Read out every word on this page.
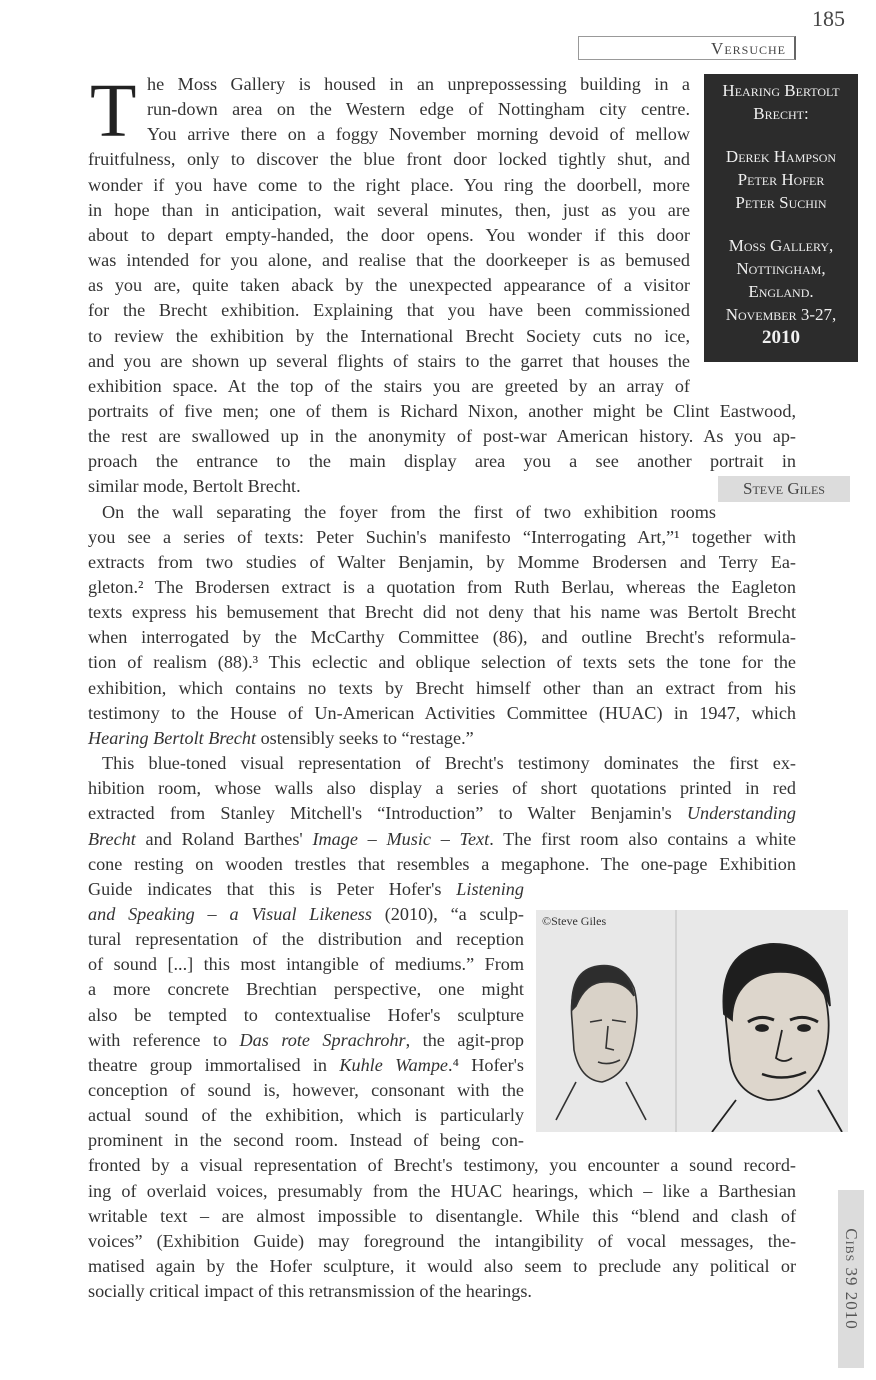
185
Versuche
Hearing Bertolt Brecht:
Derek Hampson
Peter Hofer
Peter Suchin
Moss Gallery,
Nottingham,
England.
November 3-27,
2010
Steve Giles
Cibs 39 2010
T he Moss Gallery is housed in an unprepossessing building in a
run-down area on the Western edge of Nottingham city centre.
You arrive there on a foggy November morning devoid of mellow
fruitfulness, only to discover the blue front door locked tightly shut, and
wonder if you have come to the right place. You ring the doorbell, more
in hope than in anticipation, wait several minutes, then, just as you are
about to depart empty-handed, the door opens. You wonder if this door
was intended for you alone, and realise that the doorkeeper is as bemused
as you are, quite taken aback by the unexpected appearance of a visitor
for the Brecht exhibition. Explaining that you have been commissioned
to review the exhibition by the International Brecht Society cuts no ice,
and you are shown up several flights of stairs to the garret that houses the
exhibition space. At the top of the stairs you are greeted by an array of
portraits of five men; one of them is Richard Nixon, another might be Clint Eastwood,
the rest are swallowed up in the anonymity of post-war American history. As you ap-
proach the entrance to the main display area you a see another portrait in
similar mode, Bertolt Brecht.
On the wall separating the foyer from the first of two exhibition rooms
you see a series of texts: Peter Suchin's manifesto “Interrogating Art,”¹ together with
extracts from two studies of Walter Benjamin, by Momme Brodersen and Terry Ea-
gleton.² The Brodersen extract is a quotation from Ruth Berlau, whereas the Eagleton
texts express his bemusement that Brecht did not deny that his name was Bertolt Brecht
when interrogated by the McCarthy Committee (86), and outline Brecht's reformula-
tion of realism (88).³ This eclectic and oblique selection of texts sets the tone for the
exhibition, which contains no texts by Brecht himself other than an extract from his
testimony to the House of Un-American Activities Committee (HUAC) in 1947, which
Hearing Bertolt Brecht ostensibly seeks to “restage.”
This blue-toned visual representation of Brecht's testimony dominates the first ex-
hibition room, whose walls also display a series of short quotations printed in red
extracted from Stanley Mitchell's “Introduction” to Walter Benjamin's Understanding
Brecht and Roland Barthes' Image – Music – Text. The first room also contains a white
cone resting on wooden trestles that resembles a megaphone. The one-page Exhibition
Guide indicates that this is Peter Hofer's Listening
and Speaking – a Visual Likeness (2010), “a sculp-
tural representation of the distribution and reception
of sound [...] this most intangible of mediums.” From
a more concrete Brechtian perspective, one might
also be tempted to contextualise Hofer's sculpture
with reference to Das rote Sprachrohr, the agit-prop
theatre group immortalised in Kuhle Wampe.⁴ Hofer's
conception of sound is, however, consonant with the
actual sound of the exhibition, which is particularly
prominent in the second room. Instead of being con-
fronted by a visual representation of Brecht's testimony, you encounter a sound record-
ing of overlaid voices, presumably from the HUAC hearings, which – like a Barthesian
writable text – are almost impossible to disentangle. While this “blend and clash of
voices” (Exhibition Guide) may foreground the intangibility of vocal messages, the-
matised again by the Hofer sculpture, it would also seem to preclude any political or
socially critical impact of this retransmission of the hearings.
©Steve Giles
